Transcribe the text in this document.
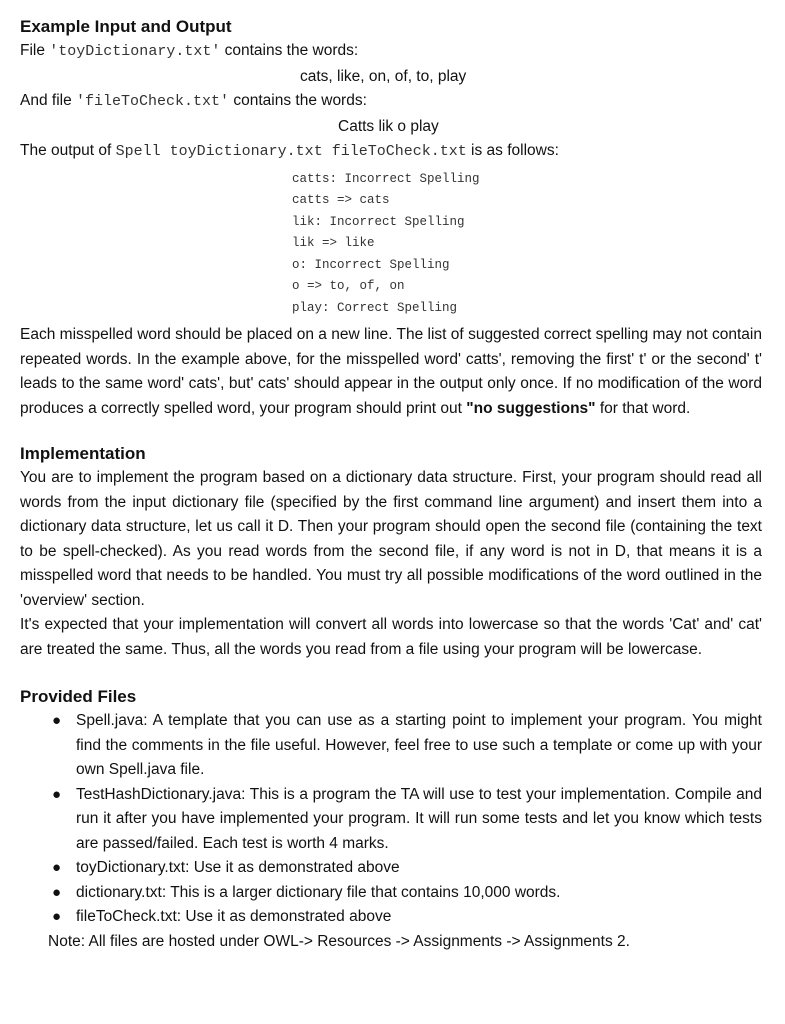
Example Input and Output
File 'toyDictionary.txt' contains the words:
cats, like, on, of, to, play
And file 'fileToCheck.txt' contains the words:
Catts lik o play
The output of Spell toyDictionary.txt fileToCheck.txt is as follows:
catts: Incorrect Spelling
catts => cats
lik: Incorrect Spelling
lik => like
o: Incorrect Spelling
o => to, of, on
play: Correct Spelling

Each misspelled word should be placed on a new line. The list of suggested correct spelling may not contain repeated words. In the example above, for the misspelled word' catts', removing the first' t' or the second' t' leads to the same word' cats', but' cats' should appear in the output only once. If no modification of the word produces a correctly spelled word, your program should print out "no suggestions" for that word.

Implementation

You are to implement the program based on a dictionary data structure. First, your program should read all words from the input dictionary file (specified by the first command line argument) and insert them into a dictionary data structure, let us call it D. Then your program should open the second file (containing the text to be spell-checked). As you read words from the second file, if any word is not in D, that means it is a misspelled word that needs to be handled. You must try all possible modifications of the word outlined in the 'overview' section.

It's expected that your implementation will convert all words into lowercase so that the words 'Cat' and' cat' are treated the same. Thus, all the words you read from a file using your program will be lowercase.

Provided Files
● Spell.java: A template that you can use as a starting point to implement your program. You might find the comments in the file useful. However, feel free to use such a template or come up with your own Spell.java file.
● TestHashDictionary.java: This is a program the TA will use to test your implementation. Compile and run it after you have implemented your program. It will run some tests and let you know which tests are passed/failed. Each test is worth 4 marks.
● toyDictionary.txt: Use it as demonstrated above
● dictionary.txt: This is a larger dictionary file that contains 10,000 words.
● fileToCheck.txt: Use it as demonstrated above
Note: All files are hosted under OWL-> Resources -> Assignments -> Assignments 2.
